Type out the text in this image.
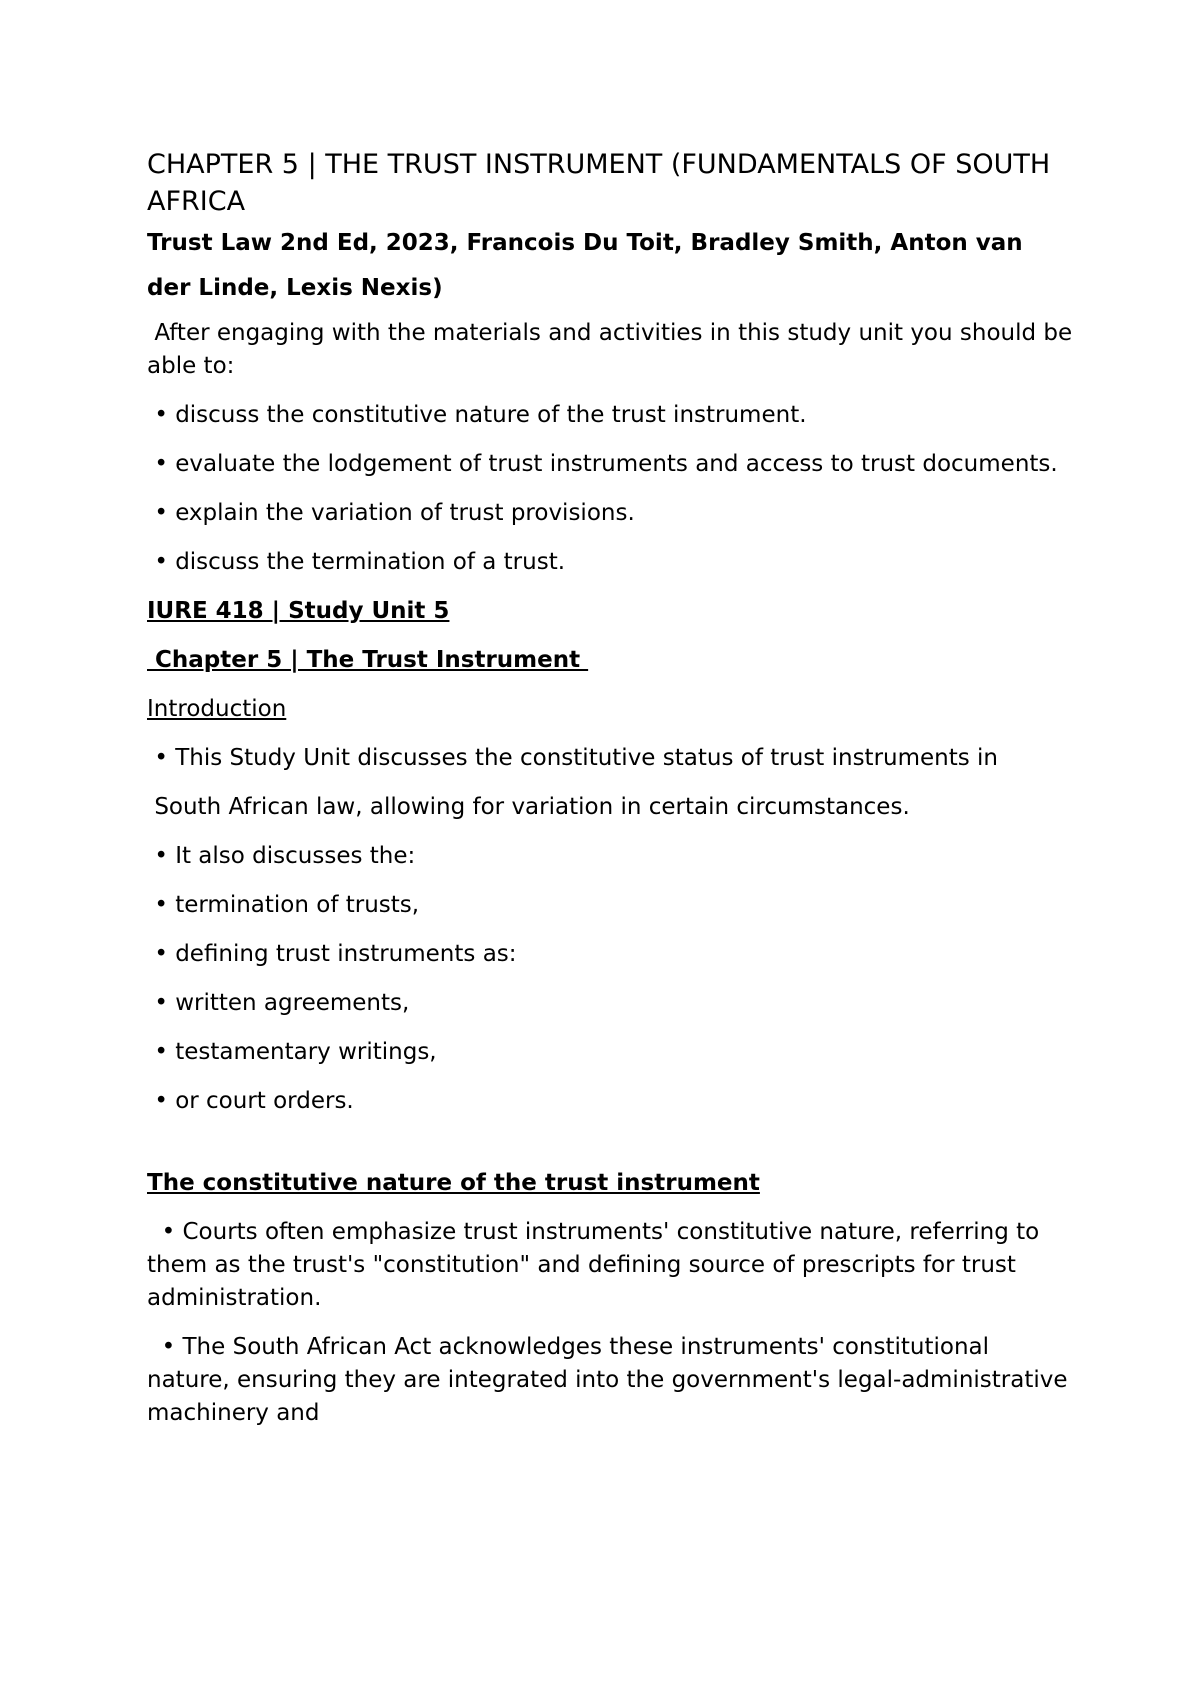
CHAPTER 5 | THE TRUST INSTRUMENT (FUNDAMENTALS OF SOUTH AFRICA
Trust Law 2nd Ed, 2023, Francois Du Toit, Bradley Smith, Anton van
der Linde, Lexis Nexis)
After engaging with the materials and activities in this study unit you should be able to:
• discuss the constitutive nature of the trust instrument.
• evaluate the lodgement of trust instruments and access to trust documents.
• explain the variation of trust provisions.
• discuss the termination of a trust.
IURE 418 | Study Unit 5
Chapter 5 | The Trust Instrument
Introduction
• This Study Unit discusses the constitutive status of trust instruments in
South African law, allowing for variation in certain circumstances.
• It also discusses the:
• termination of trusts,
• defining trust instruments as:
• written agreements,
• testamentary writings,
• or court orders.
The constitutive nature of the trust instrument
• Courts often emphasize trust instruments' constitutive nature, referring to them as the trust's "constitution" and defining source of prescripts for trust administration.
• The South African Act acknowledges these instruments' constitutional nature, ensuring they are integrated into the government's legal-administrative machinery and
